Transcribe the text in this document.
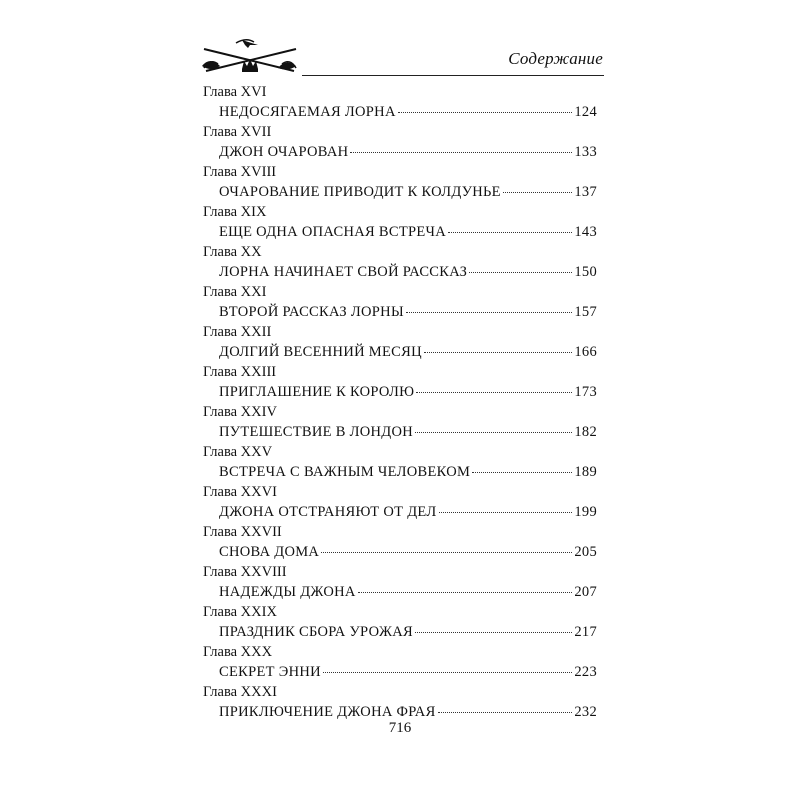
Содержание
Глава XVI
НЕДОСЯГАЕМАЯ ЛОРНА	124
Глава XVII
ДЖОН ОЧАРОВАН	133
Глава XVIII
ОЧАРОВАНИЕ ПРИВОДИТ К КОЛДУНЬЕ	137
Глава XIX
ЕЩЕ ОДНА ОПАСНАЯ ВСТРЕЧА	143
Глава XX
ЛОРНА НАЧИНАЕТ СВОЙ РАССКАЗ	150
Глава XXI
ВТОРОЙ РАССКАЗ ЛОРНЫ	157
Глава XXII
ДОЛГИЙ ВЕСЕННИЙ МЕСЯЦ	166
Глава XXIII
ПРИГЛАШЕНИЕ К КОРОЛЮ	173
Глава XXIV
ПУТЕШЕСТВИЕ В ЛОНДОН	182
Глава XXV
ВСТРЕЧА С ВАЖНЫМ ЧЕЛОВЕКОМ	189
Глава XXVI
ДЖОНА ОТСТРАНЯЮТ ОТ ДЕЛ	199
Глава XXVII
СНОВА ДОМА	205
Глава XXVIII
НАДЕЖДЫ ДЖОНА	207
Глава XXIX
ПРАЗДНИК СБОРА УРОЖАЯ	217
Глава XXX
СЕКРЕТ ЭННИ	223
Глава XXXI
ПРИКЛЮЧЕНИЕ ДЖОНА ФРАЯ	232
716
